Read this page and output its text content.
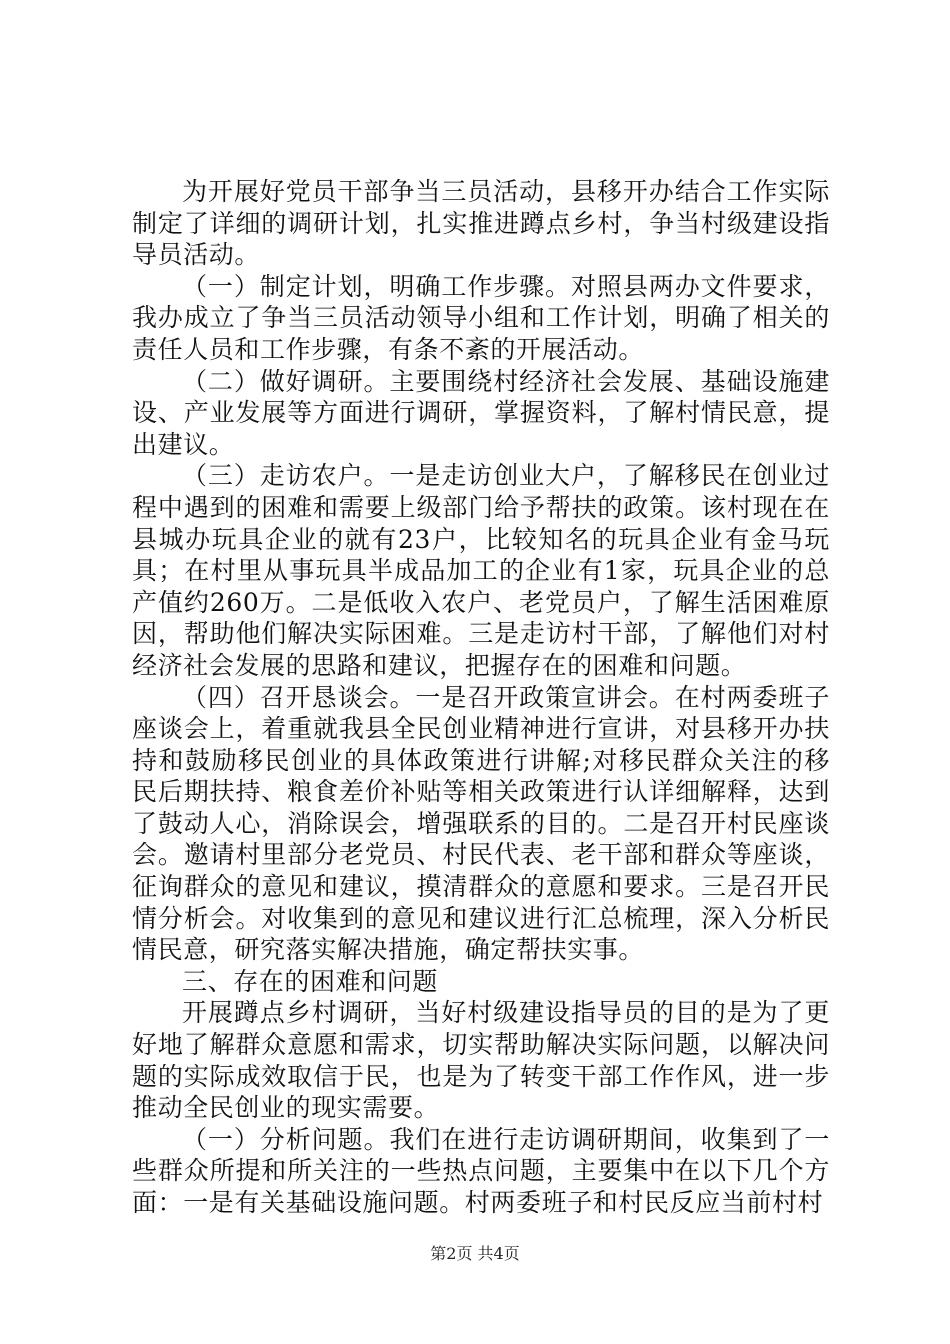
为开展好党员干部争当三员活动，县移开办结合工作实际制定了详细的调研计划，扎实推进蹲点乡村，争当村级建设指导员活动。

（一）制定计划，明确工作步骤。对照县两办文件要求，我办成立了争当三员活动领导小组和工作计划，明确了相关的责任人员和工作步骤，有条不紊的开展活动。

（二）做好调研。主要围绕村经济社会发展、基础设施建设、产业发展等方面进行调研，掌握资料，了解村情民意，提出建议。

（三）走访农户。一是走访创业大户，了解移民在创业过程中遇到的困难和需要上级部门给予帮扶的政策。该村现在在县城办玩具企业的就有23户，比较知名的玩具企业有金马玩具；在村里从事玩具半成品加工的企业有1家，玩具企业的总产值约260万。二是低收入农户、老党员户，了解生活困难原因，帮助他们解决实际困难。三是走访村干部，了解他们对村经济社会发展的思路和建议，把握存在的困难和问题。

（四）召开恳谈会。一是召开政策宣讲会。在村两委班子座谈会上，着重就我县全民创业精神进行宣讲，对县移开办扶持和鼓励移民创业的具体政策进行讲解;对移民群众关注的移民后期扶持、粮食差价补贴等相关政策进行认详细解释，达到了鼓动人心，消除误会，增强联系的目的。二是召开村民座谈会。邀请村里部分老党员、村民代表、老干部和群众等座谈，征询群众的意见和建议，摸清群众的意愿和要求。三是召开民情分析会。对收集到的意见和建议进行汇总梳理，深入分析民情民意，研究落实解决措施，确定帮扶实事。

三、存在的困难和问题

开展蹲点乡村调研，当好村级建设指导员的目的是为了更好地了解群众意愿和需求，切实帮助解决实际问题，以解决问题的实际成效取信于民，也是为了转变干部工作作风，进一步推动全民创业的现实需要。

（一）分析问题。我们在进行走访调研期间，收集到了一些群众所提和所关注的一些热点问题，主要集中在以下几个方面：一是有关基础设施问题。村两委班子和村民反应当前村村

第2页 共4页
